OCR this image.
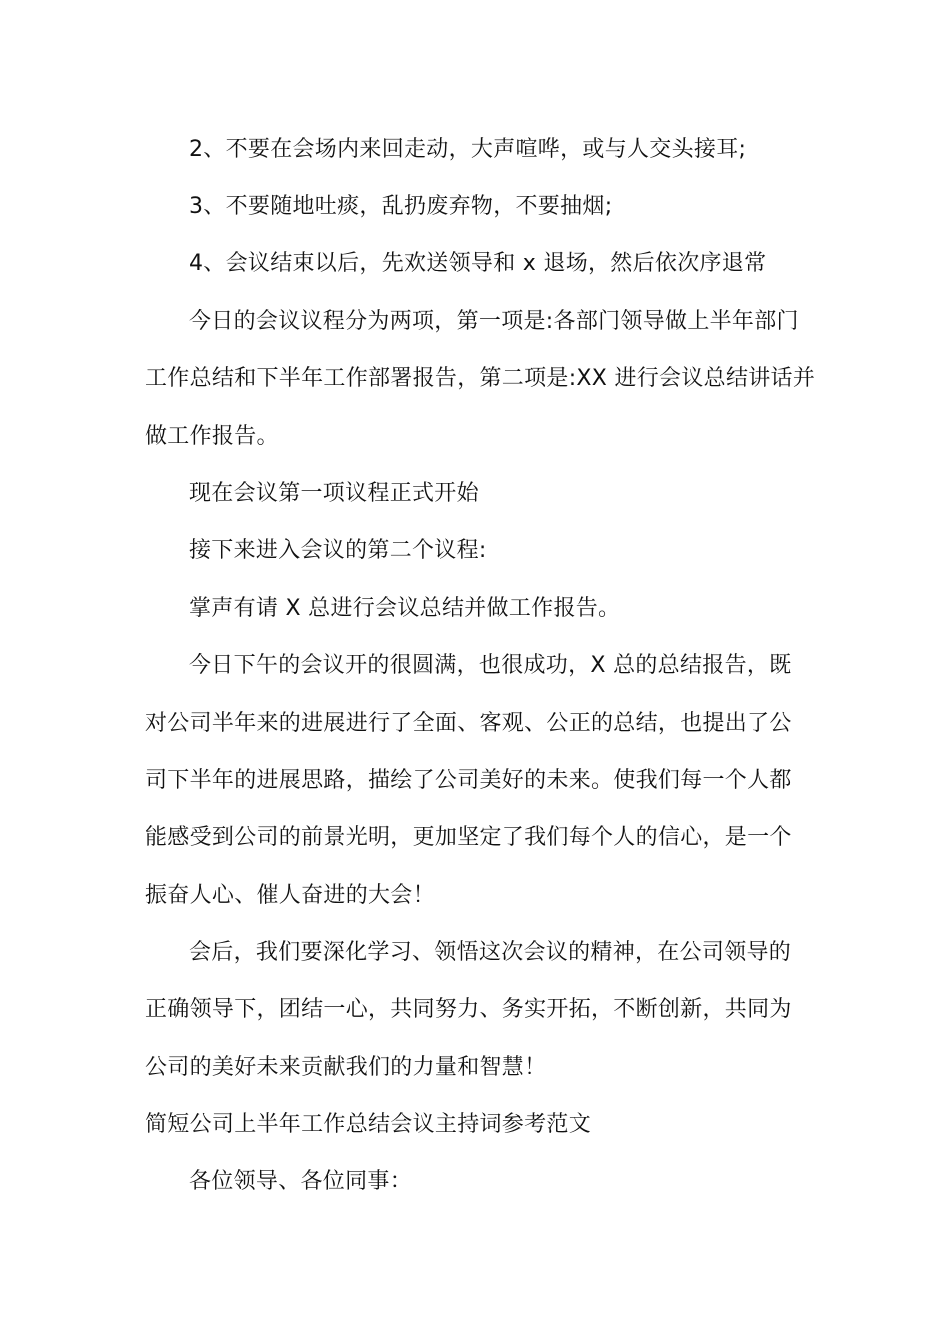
2、不要在会场内来回走动，大声喧哗，或与人交头接耳;
3、不要随地吐痰，乱扔废弃物，不要抽烟;
4、会议结束以后，先欢送领导和 x 退场，然后依次序退常
今日的会议议程分为两项，第一项是:各部门领导做上半年部门
工作总结和下半年工作部署报告，第二项是:XX 进行会议总结讲话并
做工作报告。
现在会议第一项议程正式开始
接下来进入会议的第二个议程:
掌声有请 X 总进行会议总结并做工作报告。
今日下午的会议开的很圆满，也很成功，X 总的总结报告，既
对公司半年来的进展进行了全面、客观、公正的总结，也提出了公
司下半年的进展思路，描绘了公司美好的未来。使我们每一个人都
能感受到公司的前景光明，更加坚定了我们每个人的信心，是一个
振奋人心、催人奋进的大会！
会后，我们要深化学习、领悟这次会议的精神，在公司领导的
正确领导下，团结一心，共同努力、务实开拓，不断创新，共同为
公司的美好未来贡献我们的力量和智慧！
简短公司上半年工作总结会议主持词参考范文
各位领导、各位同事：
